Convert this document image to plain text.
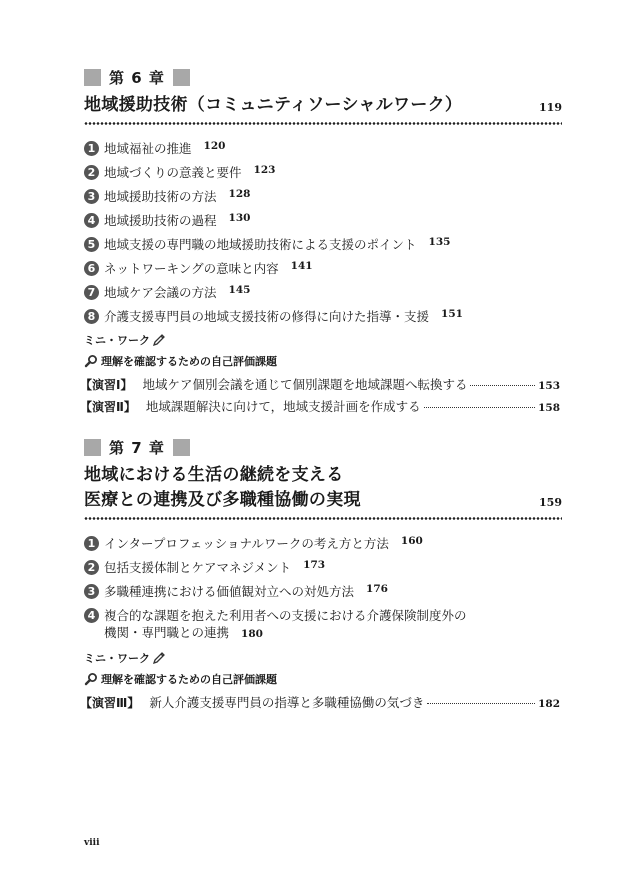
第 6 章
地域援助技術（コミュニティソーシャルワーク）	119
1 地域福祉の推進 120
2 地域づくりの意義と要件 123
3 地域援助技術の方法 128
4 地域援助技術の過程 130
5 地域支援の専門職の地域援助技術による支援のポイント 135
6 ネットワーキングの意味と内容 141
7 地域ケア会議の方法 145
8 介護支援専門員の地域支援技術の修得に向けた指導・支援 151
ミニ・ワーク
理解を確認するための自己評価課題
【演習Ⅰ】 地域ケア個別会議を通じて個別課題を地域課題へ転換する	153
【演習Ⅱ】 地域課題解決に向けて，地域支援計画を作成する	158
第 7 章
地域における生活の継続を支える
医療との連携及び多職種協働の実現	159
1 インタープロフェッショナルワークの考え方と方法 160
2 包括支援体制とケアマネジメント 173
3 多職種連携における価値観対立への対処方法 176
4 複合的な課題を抱えた利用者への支援における介護保険制度外の
機関・専門職との連携 180
ミニ・ワーク
理解を確認するための自己評価課題
【演習Ⅲ】 新人介護支援専門員の指導と多職種協働の気づき	182
viii
